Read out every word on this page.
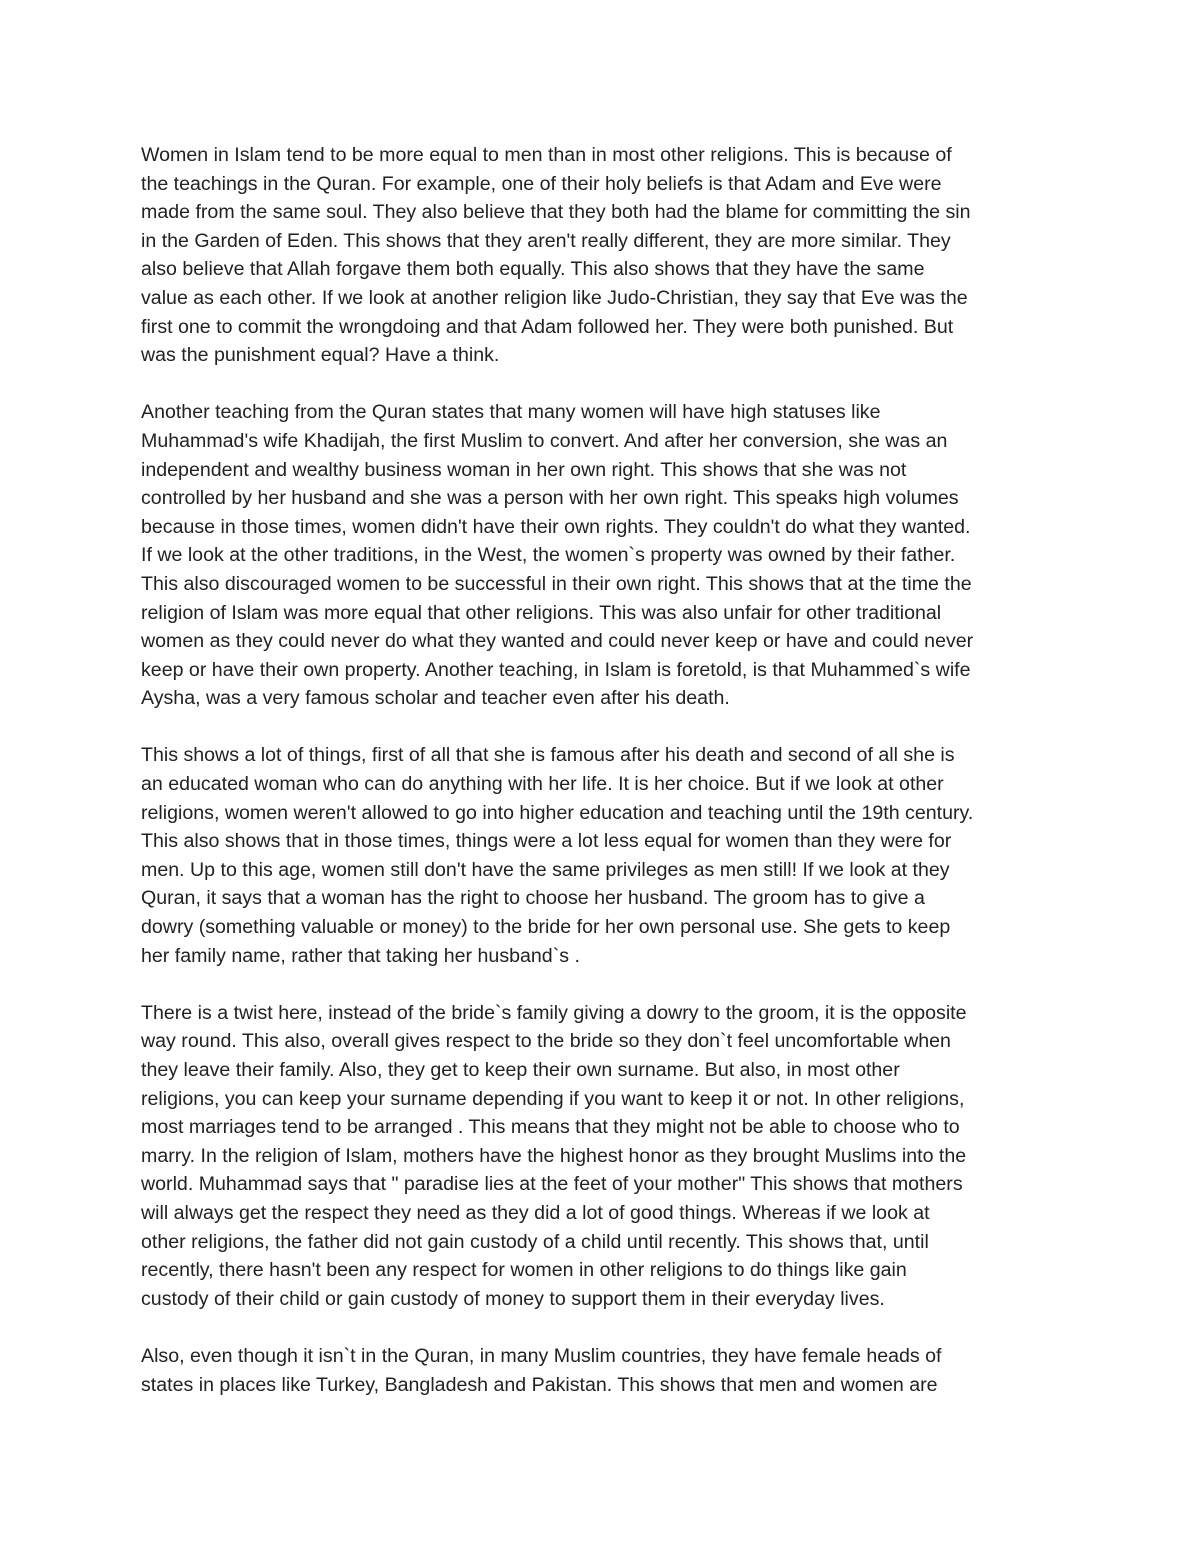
Women in Islam tend to be more equal to men than in most other religions. This is because of
the teachings in the Quran. For example, one of their holy beliefs is that Adam and Eve were
made from the same soul. They also believe that they both had the blame for committing the sin
in the Garden of Eden. This shows that they aren't really different, they are more similar. They
also believe that Allah forgave them both equally. This also shows that they have the same
value as each other. If we look at another religion like Judo-Christian, they say that Eve was the
first one to commit the wrongdoing and that Adam followed her. They were both punished. But
was the punishment equal? Have a think.

Another teaching from the Quran states that many women will have high statuses like
Muhammad's wife Khadijah, the first Muslim to convert. And after her conversion, she was an
independent and wealthy business woman in her own right. This shows that she was not
controlled by her husband and she was a person with her own right. This speaks high volumes
because in those times, women didn't have their own rights. They couldn't do what they wanted.
If we look at the other traditions, in the West, the women`s property was owned by their father.
This also discouraged women to be successful in their own right. This shows that at the time the
religion of Islam was more equal that other religions. This was also unfair for other traditional
women as they could never do what they wanted and could never keep or have and could never
keep or have their own property. Another teaching, in Islam is foretold, is that Muhammed`s wife
Aysha, was a very famous scholar and teacher even after his death.

This shows a lot of things, first of all that she is famous after his death and second of all she is
an educated woman who can do anything with her life. It is her choice. But if we look at other
religions, women weren't allowed to go into higher education and teaching until the 19th century.
This also shows that in those times, things were a lot less equal for women than they were for
men. Up to this age, women still don't have the same privileges as men still! If we look at they
Quran, it says that a woman has the right to choose her husband. The groom has to give a
dowry (something valuable or money) to the bride for her own personal use. She gets to keep
her family name, rather that taking her husband`s .

There is a twist here, instead of the bride`s family giving a dowry to the groom, it is the opposite
way round. This also, overall gives respect to the bride so they don`t feel uncomfortable when
they leave their family. Also, they get to keep their own surname. But also, in most other
religions, you can keep your surname depending if you want to keep it or not. In other religions,
most marriages tend to be arranged . This means that they might not be able to choose who to
marry. In the religion of Islam, mothers have the highest honor as they brought Muslims into the
world. Muhammad says that " paradise lies at the feet of your mother" This shows that mothers
will always get the respect they need as they did a lot of good things. Whereas if we look at
other religions, the father did not gain custody of a child until recently. This shows that, until
recently, there hasn't been any respect for women in other religions to do things like gain
custody of their child or gain custody of money to support them in their everyday lives.

Also, even though it isn`t in the Quran, in many Muslim countries, they have female heads of
states in places like Turkey, Bangladesh and Pakistan. This shows that men and women are
